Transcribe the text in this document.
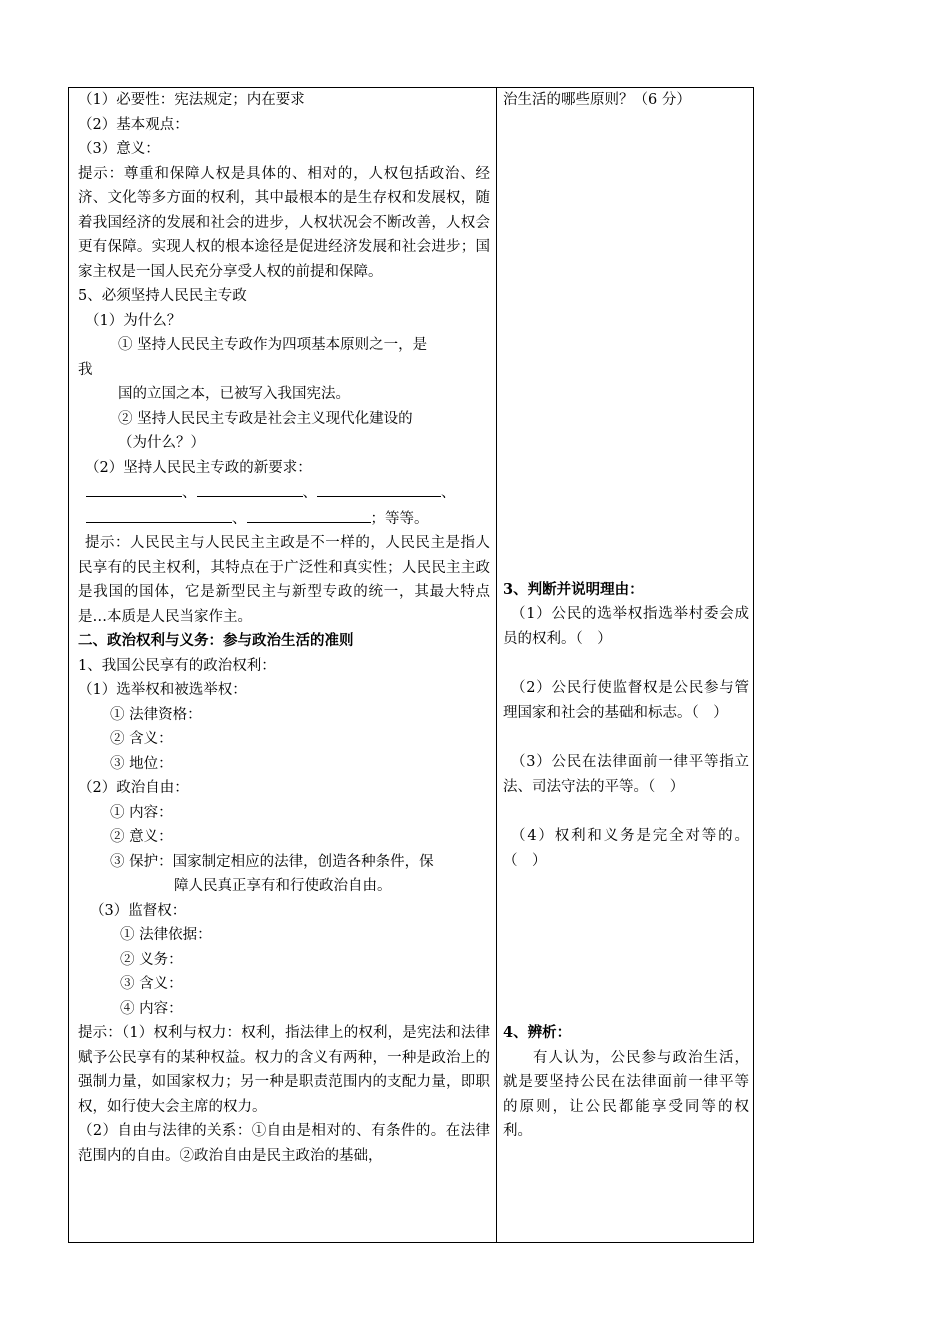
（1）必要性：宪法规定；内在要求
（2）基本观点：
（3）意义：
提示：尊重和保障人权是具体的、相对的，人权包括政治、经济、文化等多方面的权利，其中最根本的是生存权和发展权，随着我国经济的发展和社会的进步，人权状况会不断改善，人权会更有保障。实现人权的根本途径是促进经济发展和社会进步；国家主权是一国人民充分享受人权的前提和保障。
5、必须坚持人民民主专政
（1）为什么？
① 坚持人民民主专政作为四项基本原则之一，是
我
国的立国之本，已被写入我国宪法。
② 坚持人民民主专政是社会主义现代化建设的
（为什么？）
（2）坚持人民民主专政的新要求：
、	、	、
、	；等等。
提示：人民民主与人民民主主政是不一样的，人民民主是指人民享有的民主权利，其特点在于广泛性和真实性；人民民主主政是我国的国体，它是新型民主与新型专政的统一，其最大特点是…本质是人民当家作主。
二、政治权利与义务：参与政治生活的准则
1、我国公民享有的政治权利：
（1）选举权和被选举权：
① 法律资格：
② 含义：
③ 地位：
（2）政治自由：
① 内容：
② 意义：
③ 保护：国家制定相应的法律，创造各种条件，保
障人民真正享有和行使政治自由。
（3）监督权：
① 法律依据：
② 义务：
③ 含义：
④ 内容：
提示：（1）权利与权力：权利，指法律上的权利，是宪法和法律赋予公民享有的某种权益。权力的含义有两种，一种是政治上的强制力量，如国家权力；另一种是职责范围内的支配力量，即职权，如行使大会主席的权力。
（2）自由与法律的关系：①自由是相对的、有条件的。在法律范围内的自由。②政治自由是民主政治的基础，
治生活的哪些原则？（6 分）
3、判断并说明理由：
（1）公民的选举权指选举村委会成员的权利。（　）
（2）公民行使监督权是公民参与管理国家和社会的基础和标志。（　）
（3）公民在法律面前一律平等指立法、司法守法的平等。（　）
（4）权利和义务是完全对等的。（　）
4、辨析：
有人认为，公民参与政治生活，就是要坚持公民在法律面前一律平等的原则，让公民都能享受同等的权利。
